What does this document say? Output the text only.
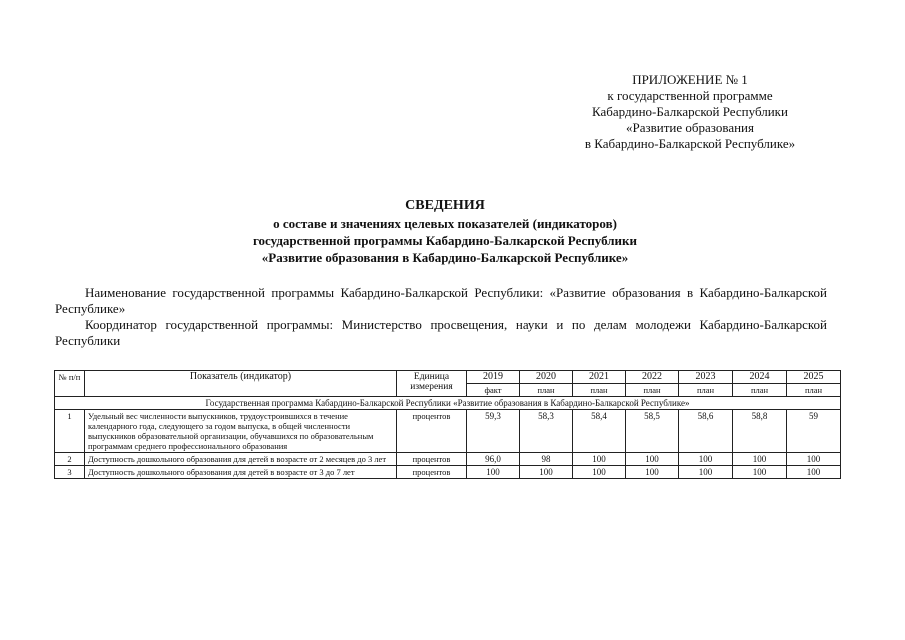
ПРИЛОЖЕНИЕ № 1
к государственной программе
Кабардино-Балкарской Республики
«Развитие образования
в Кабардино-Балкарской Республике»
СВЕДЕНИЯ
о составе и значениях целевых показателей (индикаторов)
государственной программы Кабардино-Балкарской Республики
«Развитие образования в Кабардино-Балкарской Республике»

Наименование государственной программы Кабардино-Балкарской Республики: «Развитие образования в Кабардино-Балкарской Республике»

Координатор государственной программы: Министерство просвещения, науки и по делам молодежи Кабардино-Балкарской Республики

№ п/п	Показатель (индикатор)	Единица измерения	2019	2020	2021	2022	2023	2024	2025
			факт	план	план	план	план	план	план
Государственная программа Кабардино-Балкарской Республики «Развитие образования в Кабардино-Балкарской Республике»									
1	Удельный вес численности выпускников, трудоустроившихся в течение календарного года, следующего за годом выпуска, в общей численности выпускников образовательной организации, обучавшихся по образовательным программам среднего профессионального образования	процентов	59,3	58,3	58,4	58,5	58,6	58,8	59
2	Доступность дошкольного образования для детей в возрасте от 2 месяцев до 3 лет	процентов	96,0	98	100	100	100	100	100
3	Доступность дошкольного образования для детей в возрасте от 3 до 7 лет	процентов	100	100	100	100	100	100	100
